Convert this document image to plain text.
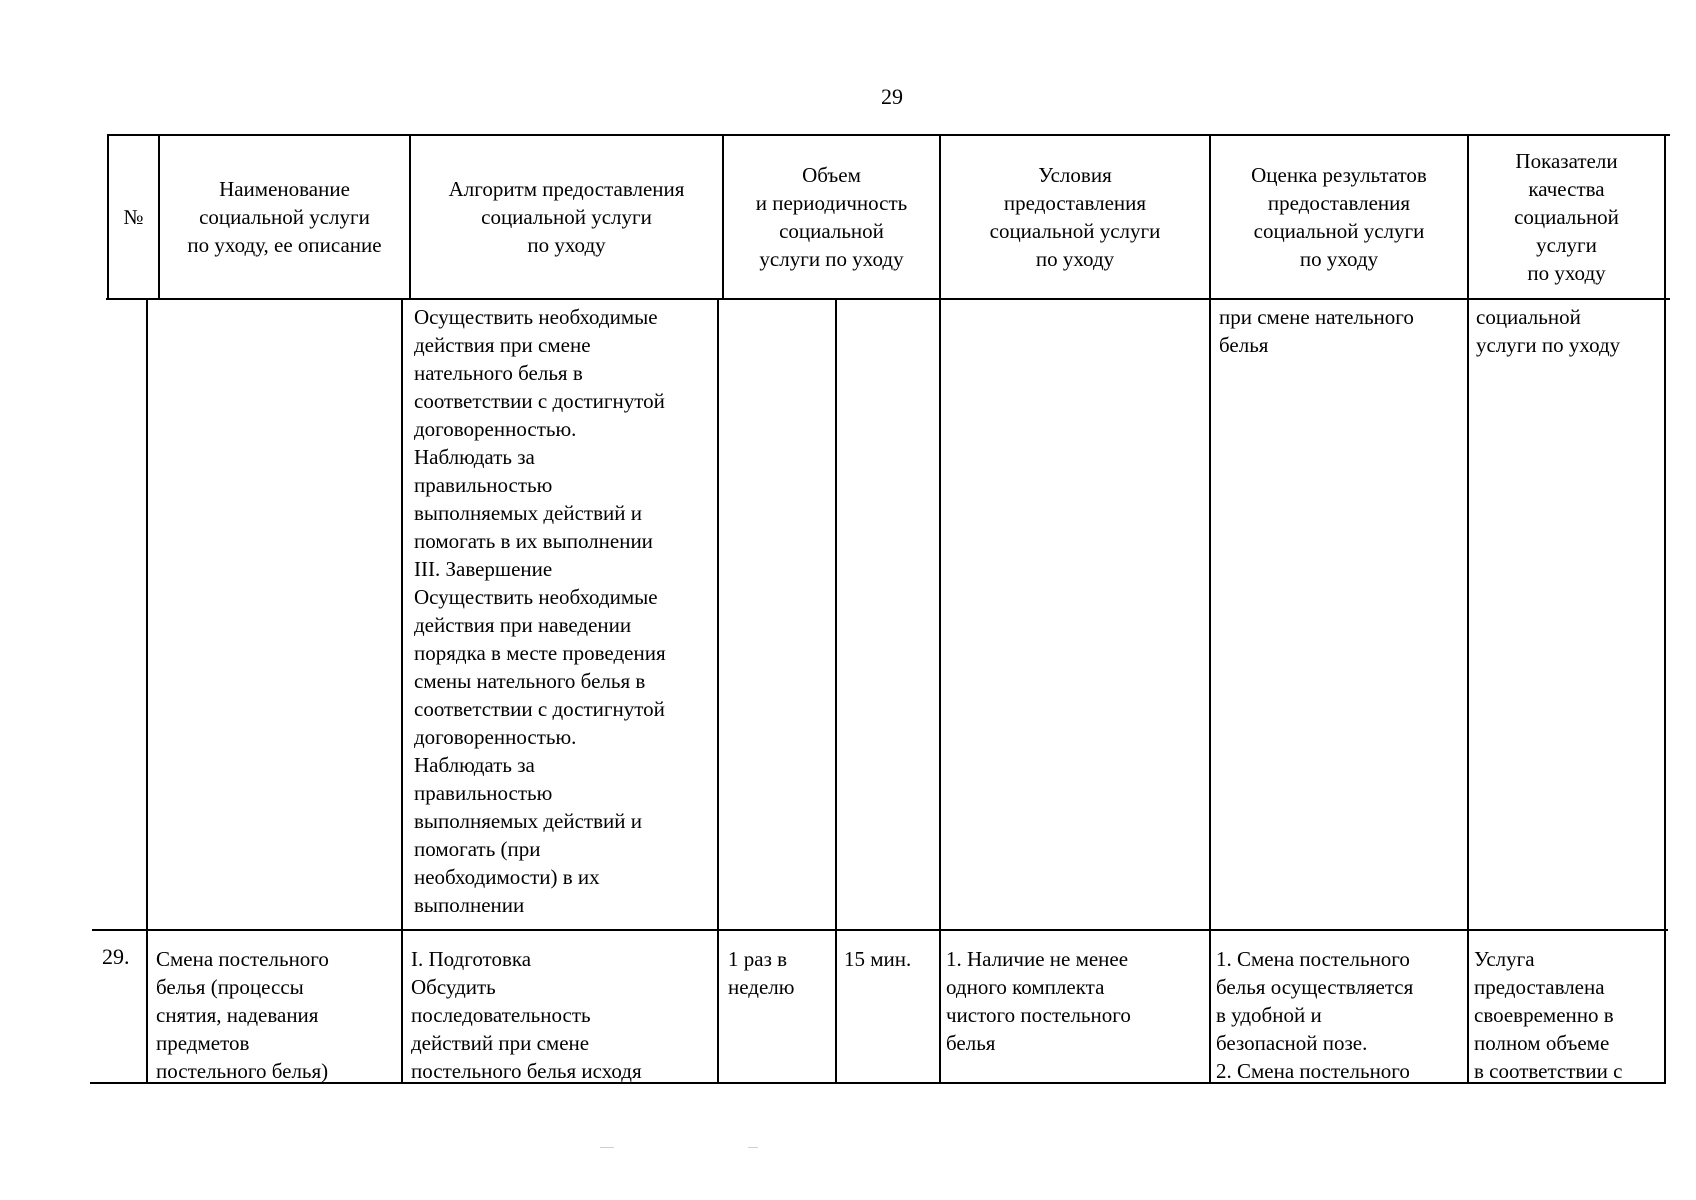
29
№
Наименование
социальной услуги
по уходу, ее описание
Алгоритм предоставления
социальной услуги
по уходу
Объем
и периодичность
социальной
услуги по уходу
Условия
предоставления
социальной услуги
по уходу
Оценка результатов
предоставления
социальной услуги
по уходу
Показатели
качества
социальной
услуги
по уходу
Осуществить необходимые
действия при смене
нательного белья в
соответствии с достигнутой
договоренностью.
Наблюдать за
правильностью
выполняемых действий и
помогать в их выполнении
III. Завершение
Осуществить необходимые
действия при наведении
порядка в месте проведения
смены нательного белья в
соответствии с достигнутой
договоренностью.
Наблюдать за
правильностью
выполняемых действий и
помогать (при
необходимости) в их
выполнении
при смене нательного
белья
социальной
услуги по уходу
29.	Смена постельного
белья (процессы
снятия, надевания
предметов
постельного белья)
I. Подготовка
Обсудить
последовательность
действий при смене
постельного белья исходя
1 раз в
неделю
15 мин.	1. Наличие не менее
одного комплекта
чистого постельного
белья
1. Смена постельного
белья осуществляется
в удобной и
безопасной позе.
2. Смена постельного
Услуга
предоставлена
своевременно в
полном объеме
в соответствии с
